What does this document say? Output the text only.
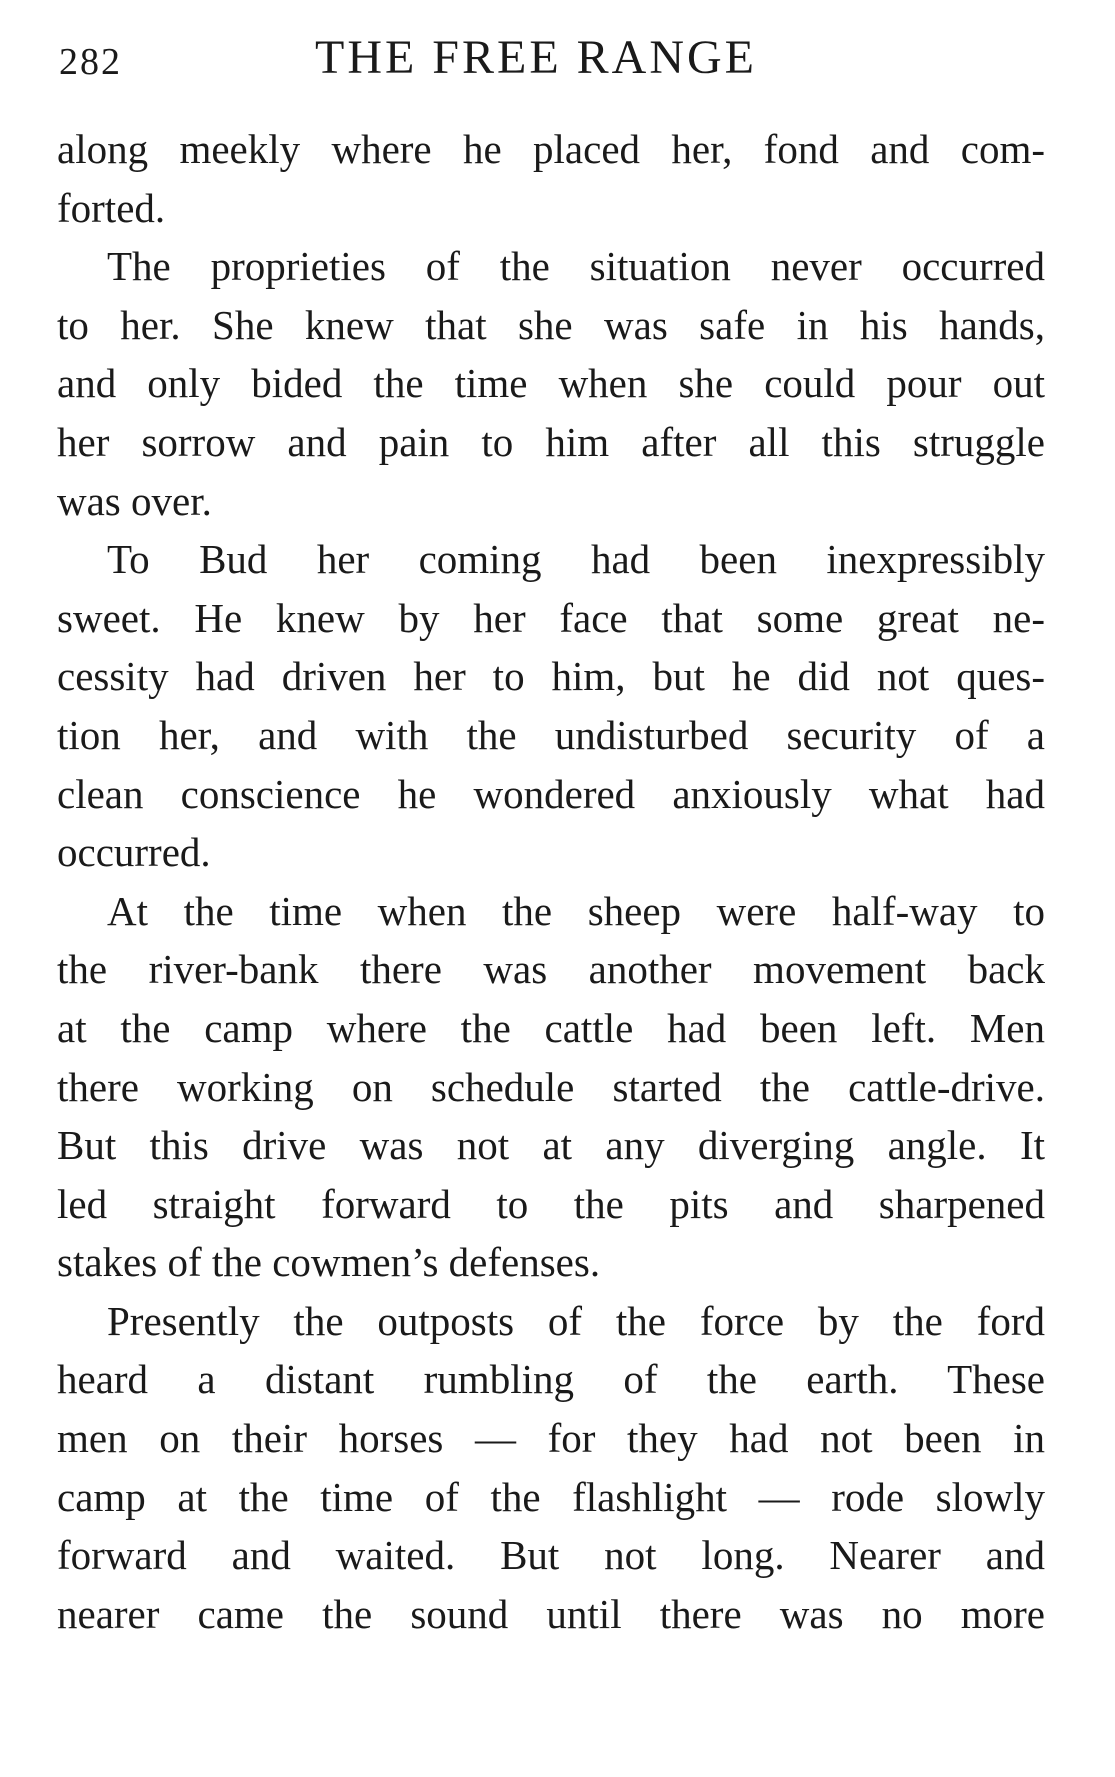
282	THE FREE RANGE
along meekly where he placed her, fond and com-
forted.
The proprieties of the situation never occurred
to her. She knew that she was safe in his hands,
and only bided the time when she could pour out
her sorrow and pain to him after all this struggle
was over.
To Bud her coming had been inexpressibly
sweet. He knew by her face that some great ne-
cessity had driven her to him, but he did not ques-
tion her, and with the undisturbed security of a
clean conscience he wondered anxiously what had
occurred.
At the time when the sheep were half-way to
the river-bank there was another movement back
at the camp where the cattle had been left. Men
there working on schedule started the cattle-drive.
But this drive was not at any diverging angle. It
led straight forward to the pits and sharpened
stakes of the cowmen’s defenses.
Presently the outposts of the force by the ford
heard a distant rumbling of the earth. These
men on their horses — for they had not been in
camp at the time of the flashlight — rode slowly
forward and waited. But not long. Nearer and
nearer came the sound until there was no more
